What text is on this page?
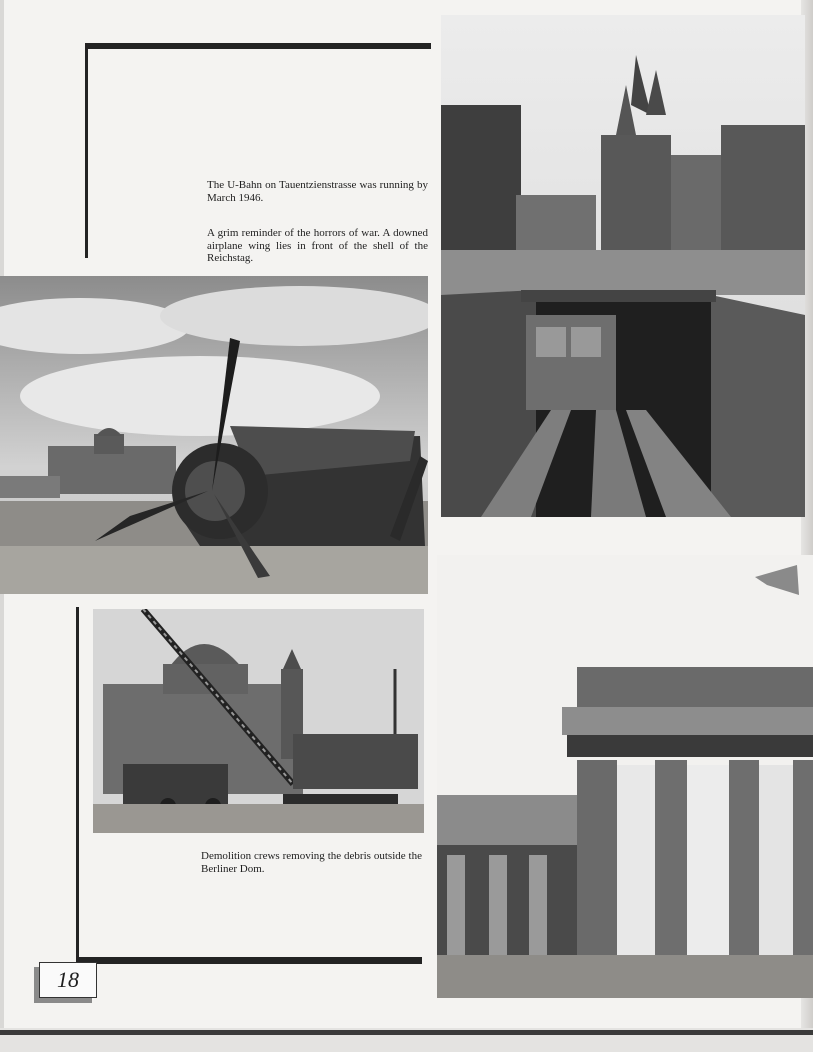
The U-Bahn on Tauentzienstrasse was running by March 1946.

A grim reminder of the horrors of war. A downed airplane wing lies in front of the shell of the Reichstag.

Demolition crews removing the debris outside the Berliner Dom.

18
